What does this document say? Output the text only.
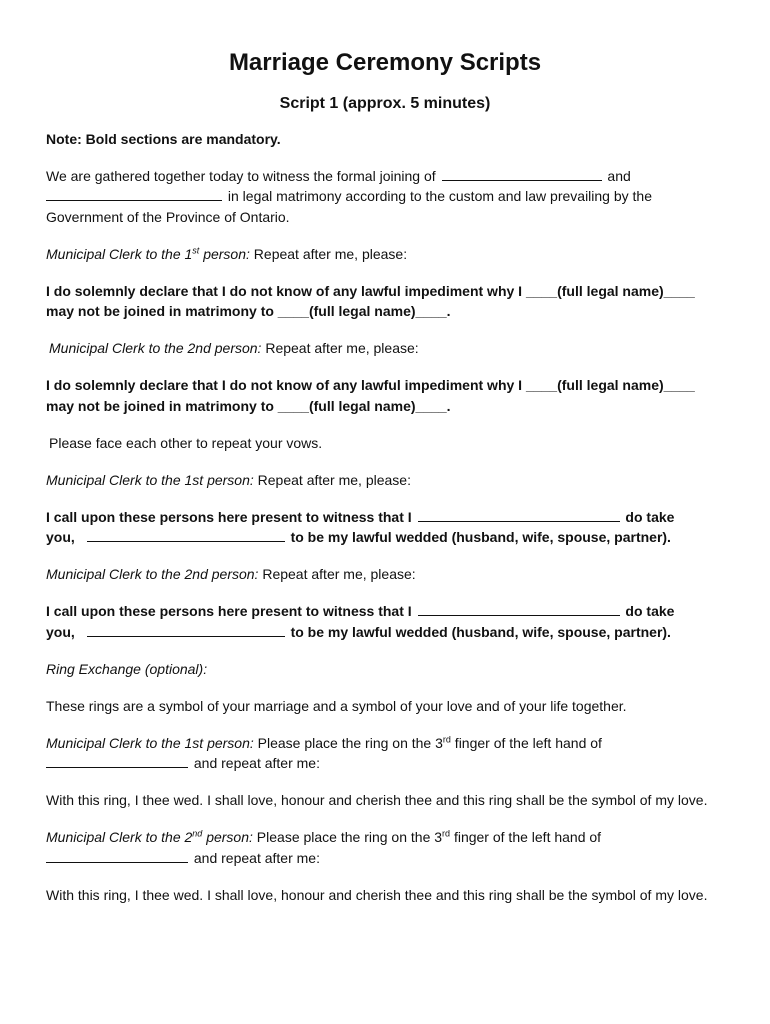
Marriage Ceremony Scripts
Script 1 (approx. 5 minutes)

Note: Bold sections are mandatory.

We are gathered together today to witness the formal joining of	and
in legal matrimony according to the custom and law prevailing by the Government of the Province of Ontario.

Municipal Clerk to the 1st person: Repeat after me, please:

I do solemnly declare that I do not know of any lawful impediment why I ____(full legal name)____ may not be joined in matrimony to ____(full legal name)____.

Municipal Clerk to the 2nd person: Repeat after me, please:

I do solemnly declare that I do not know of any lawful impediment why I ____(full legal name)____ may not be joined in matrimony to ____(full legal name)____.

Please face each other to repeat your vows.

Municipal Clerk to the 1st person: Repeat after me, please:

I call upon these persons here present to witness that I	do take
you,	to be my lawful wedded (husband, wife, spouse, partner).

Municipal Clerk to the 2nd person: Repeat after me, please:

I call upon these persons here present to witness that I	do take
you,	to be my lawful wedded (husband, wife, spouse, partner).

Ring Exchange (optional):

These rings are a symbol of your marriage and a symbol of your love and of your life together.

Municipal Clerk to the 1st person: Please place the ring on the 3rd finger of the left hand of
and repeat after me:

With this ring, I thee wed. I shall love, honour and cherish thee and this ring shall be the symbol of my love.

Municipal Clerk to the 2nd person: Please place the ring on the 3rd finger of the left hand of
and repeat after me:

With this ring, I thee wed. I shall love, honour and cherish thee and this ring shall be the symbol of my love.
